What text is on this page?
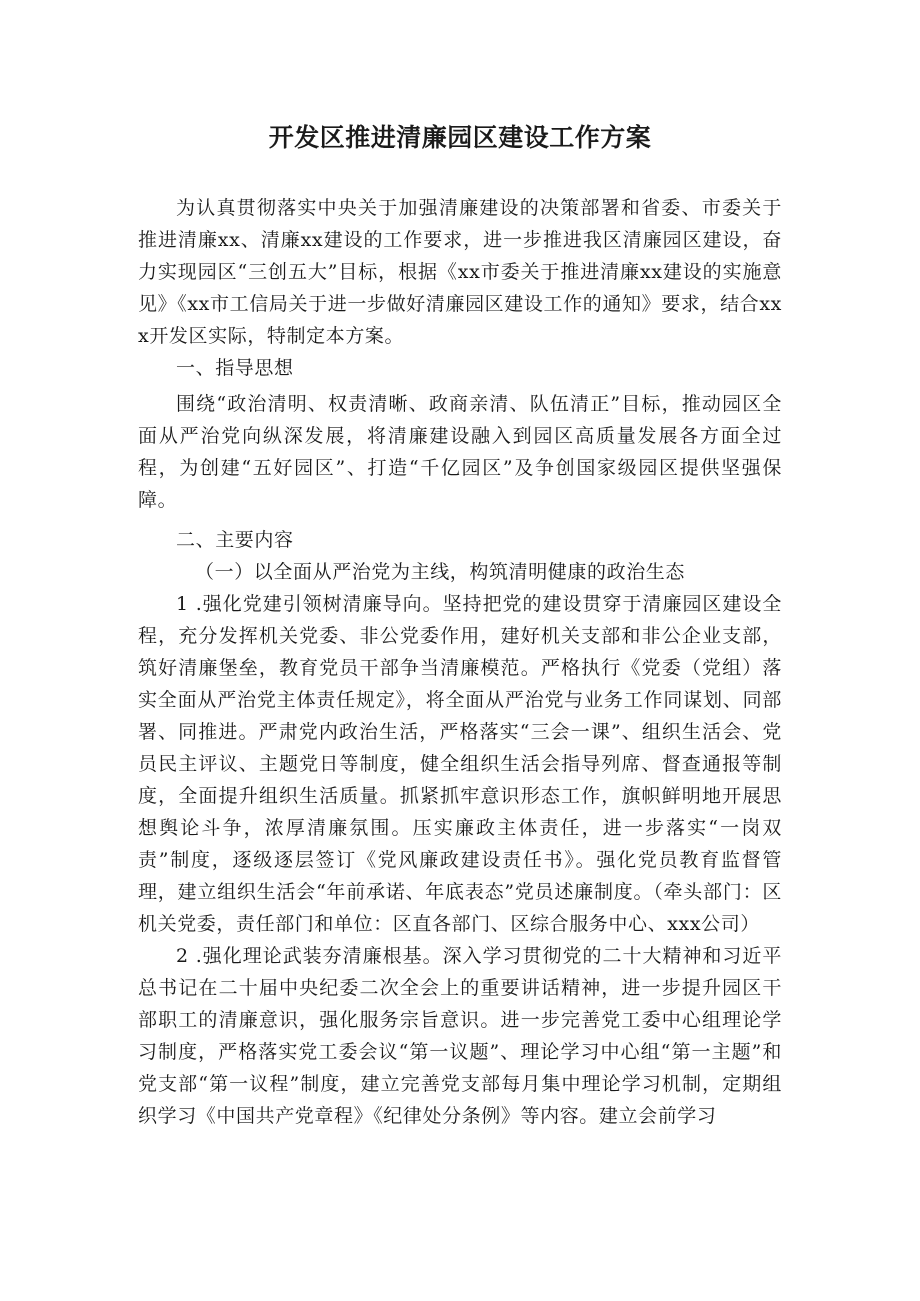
开发区推进清廉园区建设工作方案

为认真贯彻落实中央关于加强清廉建设的决策部署和省委、市委关于推进清廉xx、清廉xx建设的工作要求，进一步推进我区清廉园区建设，奋力实现园区“三创五大”目标，根据《xx市委关于推进清廉xx建设的实施意见》《xx市工信局关于进一步做好清廉园区建设工作的通知》要求，结合xxx开发区实际，特制定本方案。

一、指导思想

围绕“政治清明、权责清晰、政商亲清、队伍清正”目标，推动园区全面从严治党向纵深发展，将清廉建设融入到园区高质量发展各方面全过程，为创建“五好园区”、打造“千亿园区”及争创国家级园区提供坚强保障。

二、主要内容

（一）以全面从严治党为主线，构筑清明健康的政治生态

1 .强化党建引领树清廉导向。坚持把党的建设贯穿于清廉园区建设全程，充分发挥机关党委、非公党委作用，建好机关支部和非公企业支部，筑好清廉堡垒，教育党员干部争当清廉模范。严格执行《党委（党组）落实全面从严治党主体责任规定》，将全面从严治党与业务工作同谋划、同部署、同推进。严肃党内政治生活，严格落实“三会一课”、组织生活会、党员民主评议、主题党日等制度，健全组织生活会指导列席、督查通报等制度，全面提升组织生活质量。抓紧抓牢意识形态工作，旗帜鲜明地开展思想舆论斗争，浓厚清廉氛围。压实廉政主体责任，进一步落实“一岗双责”制度，逐级逐层签订《党风廉政建设责任书》。强化党员教育监督管理，建立组织生活会“年前承诺、年底表态”党员述廉制度。（牵头部门：区机关党委，责任部门和单位：区直各部门、区综合服务中心、xxx公司）

2 .强化理论武装夯清廉根基。深入学习贯彻党的二十大精神和习近平总书记在二十届中央纪委二次全会上的重要讲话精神，进一步提升园区干部职工的清廉意识，强化服务宗旨意识。进一步完善党工委中心组理论学习制度，严格落实党工委会议“第一议题”、理论学习中心组“第一主题”和党支部“第一议程”制度，建立完善党支部每月集中理论学习机制，定期组织学习《中国共产党章程》《纪律处分条例》等内容。建立会前学习
